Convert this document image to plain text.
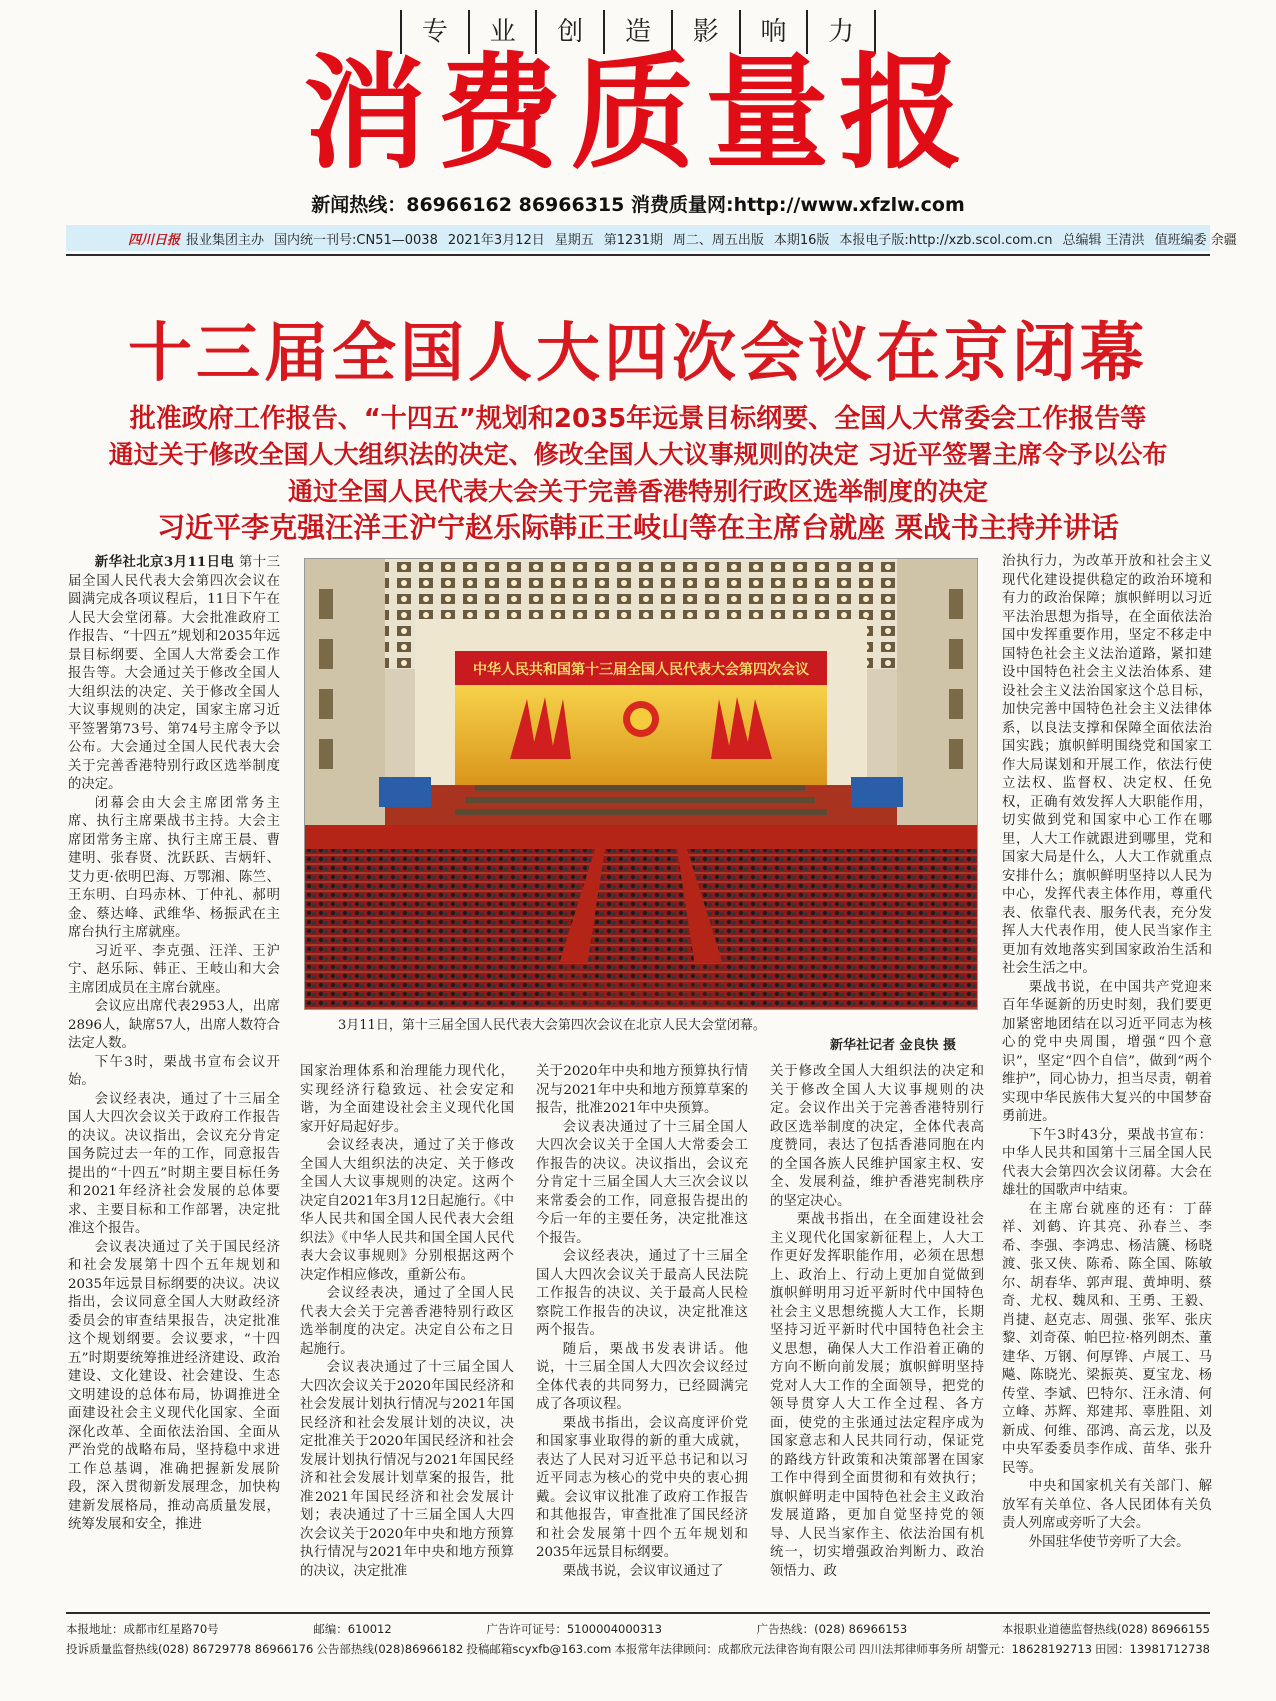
专	业	创	造	影	响	力
消费质量报
新闻热线：86966162 86966315 消费质量网:http://www.xfzlw.com
四川日报 报业集团主办 国内统一刊号:CN51—0038 2021年3月12日 星期五 第1231期 周二、周五出版 本期16版 本报电子版:http://xzb.scol.com.cn 总编辑 王清洪 值班编委 余疆
十三届全国人大四次会议在京闭幕
批准政府工作报告、“十四五”规划和2035年远景目标纲要、全国人大常委会工作报告等
通过关于修改全国人大组织法的决定、修改全国人大议事规则的决定 习近平签署主席令予以公布
通过全国人民代表大会关于完善香港特别行政区选举制度的决定
习近平李克强汪洋王沪宁赵乐际韩正王岐山等在主席台就座 栗战书主持并讲话
中华人民共和国第十三届全国人民代表大会第四次会议
3月11日，第十三届全国人民代表大会第四次会议在北京人民大会堂闭幕。
新华社记者 金良快 摄

新华社北京3月11日电 第十三届全国人民代表大会第四次会议在圆满完成各项议程后，11日下午在人民大会堂闭幕。大会批准政府工作报告、“十四五”规划和2035年远景目标纲要、全国人大常委会工作报告等。大会通过关于修改全国人大组织法的决定、关于修改全国人大议事规则的决定，国家主席习近平签署第73号、第74号主席令予以公布。大会通过全国人民代表大会关于完善香港特别行政区选举制度的决定。

闭幕会由大会主席团常务主席、执行主席栗战书主持。大会主席团常务主席、执行主席王晨、曹建明、张春贤、沈跃跃、吉炳轩、艾力更·依明巴海、万鄂湘、陈竺、王东明、白玛赤林、丁仲礼、郝明金、蔡达峰、武维华、杨振武在主席台执行主席就座。

习近平、李克强、汪洋、王沪宁、赵乐际、韩正、王岐山和大会主席团成员在主席台就座。

会议应出席代表2953人，出席2896人，缺席57人，出席人数符合法定人数。

下午3时，栗战书宣布会议开始。

会议经表决，通过了十三届全国人大四次会议关于政府工作报告的决议。决议指出，会议充分肯定国务院过去一年的工作，同意报告提出的“十四五”时期主要目标任务和2021年经济社会发展的总体要求、主要目标和工作部署，决定批准这个报告。

会议表决通过了关于国民经济和社会发展第十四个五年规划和2035年远景目标纲要的决议。决议指出，会议同意全国人大财政经济委员会的审查结果报告，决定批准这个规划纲要。会议要求，“十四五”时期要统筹推进经济建设、政治建设、文化建设、社会建设、生态文明建设的总体布局，协调推进全面建设社会主义现代化国家、全面深化改革、全面依法治国、全面从严治党的战略布局，坚持稳中求进工作总基调，准确把握新发展阶段，深入贯彻新发展理念，加快构建新发展格局，推动高质量发展，统筹发展和安全，推进

国家治理体系和治理能力现代化，实现经济行稳致远、社会安定和谐，为全面建设社会主义现代化国家开好局起好步。

会议经表决，通过了关于修改全国人大组织法的决定、关于修改全国人大议事规则的决定。这两个决定自2021年3月12日起施行。《中华人民共和国全国人民代表大会组织法》《中华人民共和国全国人民代表大会议事规则》分别根据这两个决定作相应修改，重新公布。

会议经表决，通过了全国人民代表大会关于完善香港特别行政区选举制度的决定。决定自公布之日起施行。

会议表决通过了十三届全国人大四次会议关于2020年国民经济和社会发展计划执行情况与2021年国民经济和社会发展计划的决议，决定批准关于2020年国民经济和社会发展计划执行情况与2021年国民经济和社会发展计划草案的报告，批准2021年国民经济和社会发展计划；表决通过了十三届全国人大四次会议关于2020年中央和地方预算执行情况与2021年中央和地方预算的决议，决定批准

关于2020年中央和地方预算执行情况与2021年中央和地方预算草案的报告，批准2021年中央预算。

会议表决通过了十三届全国人大四次会议关于全国人大常委会工作报告的决议。决议指出，会议充分肯定十三届全国人大三次会议以来常委会的工作，同意报告提出的今后一年的主要任务，决定批准这个报告。

会议经表决，通过了十三届全国人大四次会议关于最高人民法院工作报告的决议、关于最高人民检察院工作报告的决议，决定批准这两个报告。

随后，栗战书发表讲话。他说，十三届全国人大四次会议经过全体代表的共同努力，已经圆满完成了各项议程。

栗战书指出，会议高度评价党和国家事业取得的新的重大成就，表达了人民对习近平总书记和以习近平同志为核心的党中央的衷心拥戴。会议审议批准了政府工作报告和其他报告，审查批准了国民经济和社会发展第十四个五年规划和2035年远景目标纲要。

栗战书说，会议审议通过了

关于修改全国人大组织法的决定和关于修改全国人大议事规则的决定。会议作出关于完善香港特别行政区选举制度的决定，全体代表高度赞同，表达了包括香港同胞在内的全国各族人民维护国家主权、安全、发展利益，维护香港宪制秩序的坚定决心。

栗战书指出，在全面建设社会主义现代化国家新征程上，人大工作更好发挥职能作用，必须在思想上、政治上、行动上更加自觉做到旗帜鲜明用习近平新时代中国特色社会主义思想统揽人大工作，长期坚持习近平新时代中国特色社会主义思想，确保人大工作沿着正确的方向不断向前发展；旗帜鲜明坚持党对人大工作的全面领导，把党的领导贯穿人大工作全过程、各方面，使党的主张通过法定程序成为国家意志和人民共同行动，保证党的路线方针政策和决策部署在国家工作中得到全面贯彻和有效执行；旗帜鲜明走中国特色社会主义政治发展道路，更加自觉坚持党的领导、人民当家作主、依法治国有机统一，切实增强政治判断力、政治领悟力、政

治执行力，为改革开放和社会主义现代化建设提供稳定的政治环境和有力的政治保障；旗帜鲜明以习近平法治思想为指导，在全面依法治国中发挥重要作用，坚定不移走中国特色社会主义法治道路，紧扣建设中国特色社会主义法治体系、建设社会主义法治国家这个总目标，加快完善中国特色社会主义法律体系，以良法支撑和保障全面依法治国实践；旗帜鲜明围绕党和国家工作大局谋划和开展工作，依法行使立法权、监督权、决定权、任免权，正确有效发挥人大职能作用，切实做到党和国家中心工作在哪里，人大工作就跟进到哪里，党和国家大局是什么，人大工作就重点安排什么；旗帜鲜明坚持以人民为中心，发挥代表主体作用，尊重代表、依靠代表、服务代表，充分发挥人大代表作用，使人民当家作主更加有效地落实到国家政治生活和社会生活之中。

栗战书说，在中国共产党迎来百年华诞新的历史时刻，我们要更加紧密地团结在以习近平同志为核心的党中央周围，增强“四个意识”，坚定“四个自信”，做到“两个维护”，同心协力，担当尽责，朝着实现中华民族伟大复兴的中国梦奋勇前进。

下午3时43分，栗战书宣布：中华人民共和国第十三届全国人民代表大会第四次会议闭幕。大会在雄壮的国歌声中结束。

在主席台就座的还有：丁薛祥、刘鹤、许其亮、孙春兰、李希、李强、李鸿忠、杨洁篪、杨晓渡、张又侠、陈希、陈全国、陈敏尔、胡春华、郭声琨、黄坤明、蔡奇、尤权、魏凤和、王勇、王毅、肖捷、赵克志、周强、张军、张庆黎、刘奇葆、帕巴拉·格列朗杰、董建华、万钢、何厚铧、卢展工、马飚、陈晓光、梁振英、夏宝龙、杨传堂、李斌、巴特尔、汪永清、何立峰、苏辉、郑建邦、辜胜阻、刘新成、何维、邵鸿、高云龙，以及中央军委委员李作成、苗华、张升民等。

中央和国家机关有关部门、解放军有关单位、各人民团体有关负责人列席或旁听了大会。

外国驻华使节旁听了大会。

本报地址：成都市红星路70号	邮编：610012	广告许可证号：5100004000313	广告热线：(028) 86966153	本报职业道德监督热线(028) 86966155
投诉质量监督热线(028) 86729778 86966176 公告部热线(028)86966182 投稿邮箱scyxfb@163.com 本报常年法律顾问：成都欣元法律咨询有限公司 四川法邦律师事务所 胡警元：18628192713 田园：13981712738
